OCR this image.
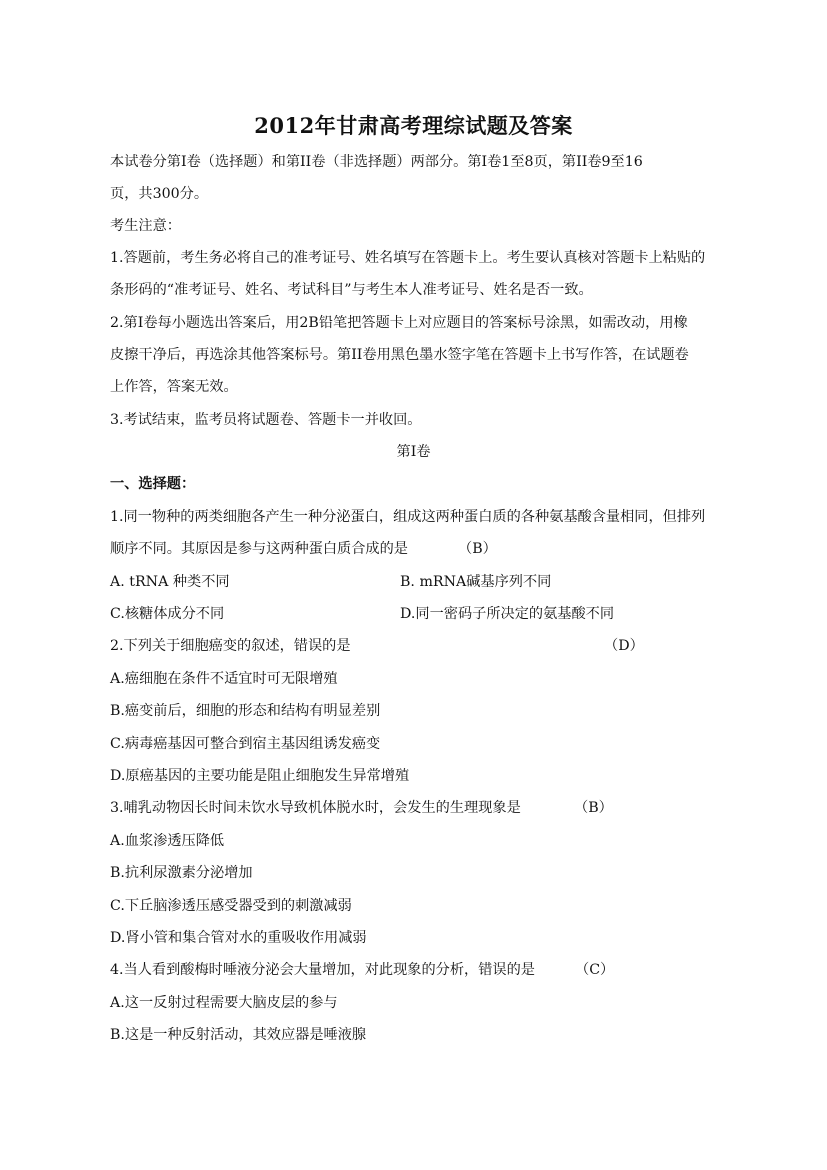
2012年甘肃高考理综试题及答案
本试卷分第Ⅰ卷（选择题）和第II卷（非选择题）两部分。第Ⅰ卷1至8页，第II卷9至16
页，共300分。
考生注意：
1.答题前，考生务必将自己的准考证号、姓名填写在答题卡上。考生要认真核对答题卡上粘贴的
条形码的“准考证号、姓名、考试科目”与考生本人准考证号、姓名是否一致。
2.第Ⅰ卷每小题选出答案后，用2B铅笔把答题卡上对应题目的答案标号涂黑，如需改动，用橡
皮擦干净后，再选涂其他答案标号。第II卷用黑色墨水签字笔在答题卡上书写作答，在试题卷
上作答，答案无效。
3.考试结束，监考员将试题卷、答题卡一并收回。
第Ⅰ卷
一、选择题：
1.同一物种的两类细胞各产生一种分泌蛋白，组成这两种蛋白质的各种氨基酸含量相同，但排列
顺序不同。其原因是参与这两种蛋白质合成的是	（B）
A. tRNA 种类不同	B. mRNA碱基序列不同
C.核糖体成分不同	D.同一密码子所决定的氨基酸不同
2.下列关于细胞癌变的叙述，错误的是	（D）
A.癌细胞在条件不适宜时可无限增殖
B.癌变前后，细胞的形态和结构有明显差别
C.病毒癌基因可整合到宿主基因组诱发癌变
D.原癌基因的主要功能是阻止细胞发生异常增殖
3.哺乳动物因长时间未饮水导致机体脱水时，会发生的生理现象是	（B）
A.血浆渗透压降低
B.抗利尿激素分泌增加
C.下丘脑渗透压感受器受到的刺激减弱
D.肾小管和集合管对水的重吸收作用减弱
4.当人看到酸梅时唾液分泌会大量增加，对此现象的分析，错误的是	（C）
A.这一反射过程需要大脑皮层的参与
B.这是一种反射活动，其效应器是唾液腺
